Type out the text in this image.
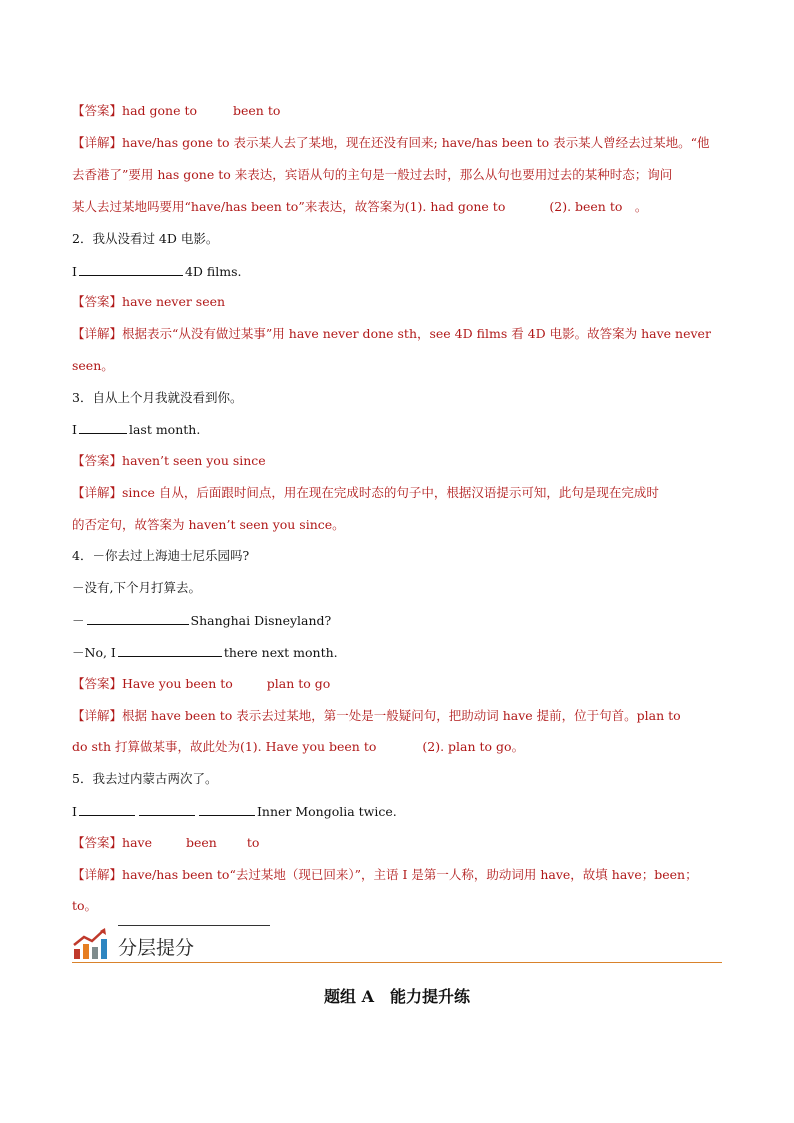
【答案】had gone to	been to
【详解】have/has gone to 表示某人去了某地，现在还没有回来; have/has been to 表示某人曾经去过某地。“他
去香港了”要用 has gone to 来表达，宾语从句的主句是一般过去时，那么从句也要用过去的某种时态；询问
某人去过某地吗要用“have/has been to”来表达，故答案为(1). had gone to	(2). been to　。
2．我从没看过 4D 电影。
I	4D films.
【答案】have never seen
【详解】根据表示“从没有做过某事”用 have never done sth，see 4D films 看 4D 电影。故答案为 have never
seen。
3．自从上个月我就没看到你。
I	last month.
【答案】haven’t seen you since
【详解】since 自从，后面跟时间点，用在现在完成时态的句子中，根据汉语提示可知，此句是现在完成时
的否定句，故答案为 haven’t seen you since。
4．－你去过上海迪士尼乐园吗?
－没有,下个月打算去。
－	Shanghai Disneyland?
－No, I	there next month.
【答案】Have you been to	plan to go
【详解】根据 have been to 表示去过某地，第一处是一般疑问句，把助动词 have 提前，位于句首。plan to
do sth 打算做某事，故此处为(1). Have you been to	(2). plan to go。
5．我去过内蒙古两次了。
I	Inner Mongolia twice.
【答案】have	been to
【详解】have/has been to“去过某地（现已回来）”，主语 I 是第一人称，助动词用 have，故填 have；been；
to。
分层提分
题组 A　能力提升练
